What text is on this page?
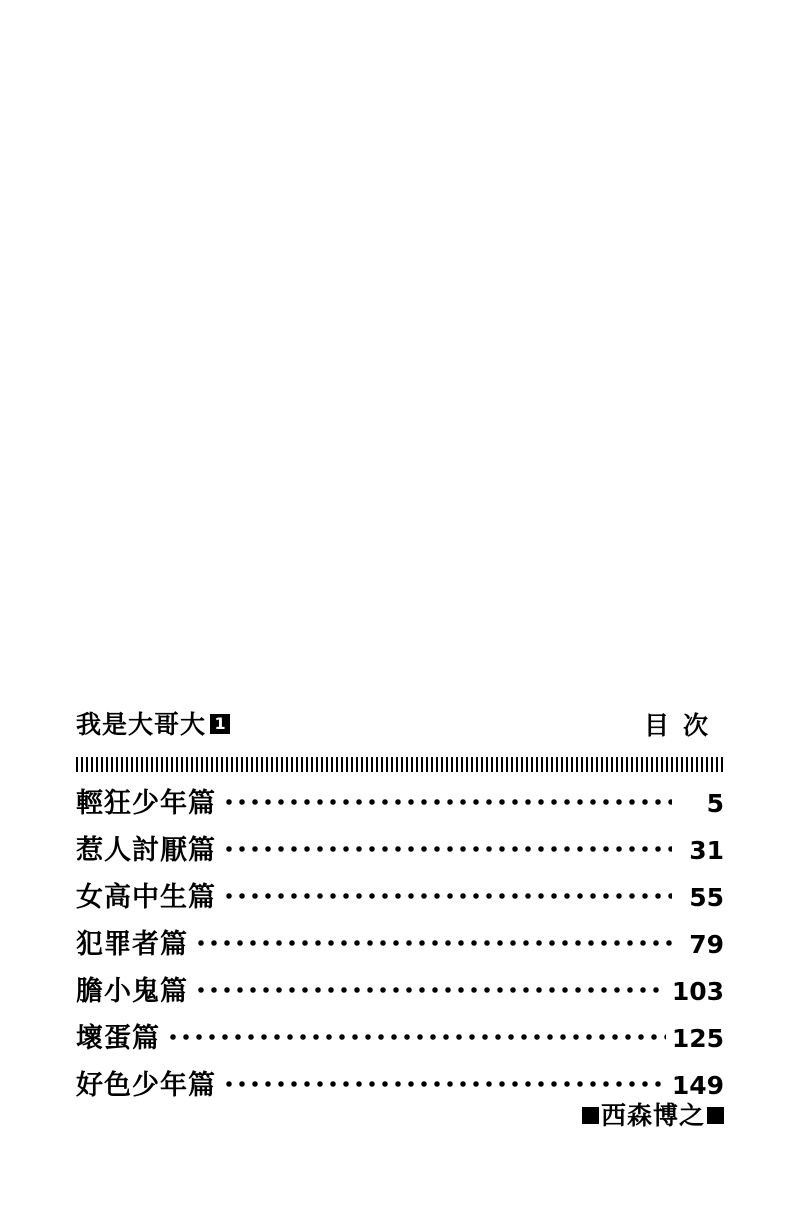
我是大哥大 1	目次
輕狂少年篇	5
惹人討厭篇	31
女高中生篇	55
犯罪者篇	79
膽小鬼篇	103
壞蛋篇	125
好色少年篇	149
西森博之
